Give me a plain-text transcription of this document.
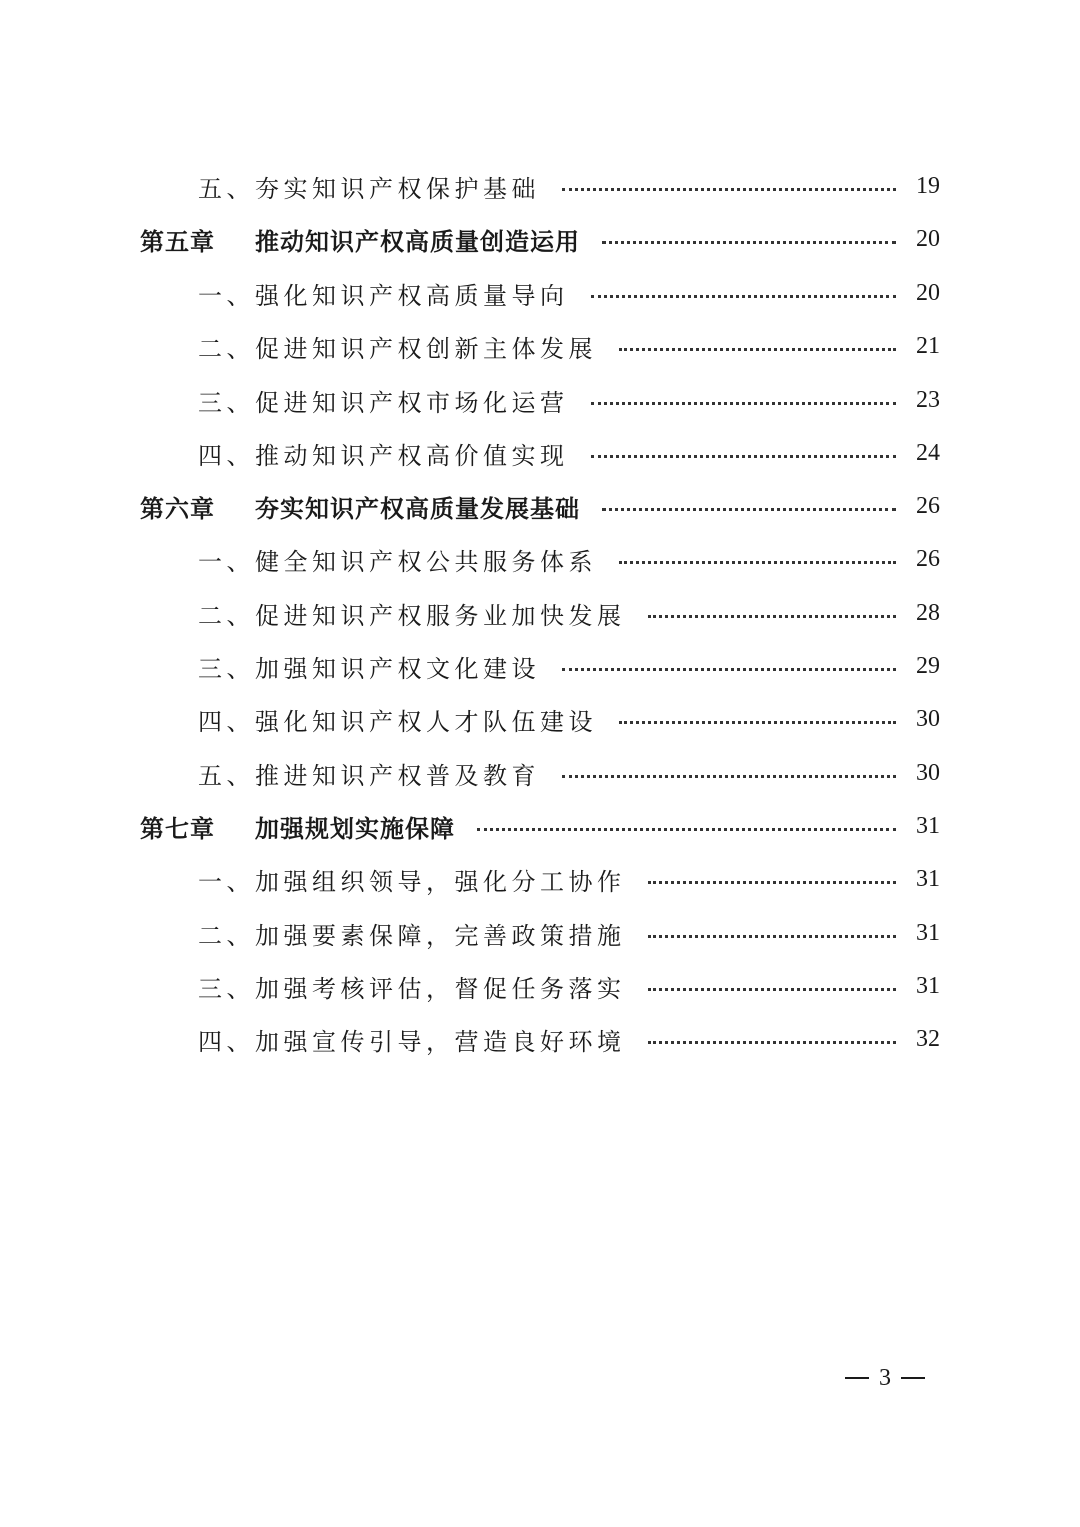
五、夯实知识产权保护基础	19
第五章	推动知识产权高质量创造运用	20
一、强化知识产权高质量导向	20
二、促进知识产权创新主体发展	21
三、促进知识产权市场化运营	23
四、推动知识产权高价值实现	24
第六章	夯实知识产权高质量发展基础	26
一、健全知识产权公共服务体系	26
二、促进知识产权服务业加快发展	28
三、加强知识产权文化建设	29
四、强化知识产权人才队伍建设	30
五、推进知识产权普及教育	30
第七章	加强规划实施保障	31
一、加强组织领导，强化分工协作	31
二、加强要素保障，完善政策措施	31
三、加强考核评估，督促任务落实	31
四、加强宣传引导，营造良好环境	32
3
